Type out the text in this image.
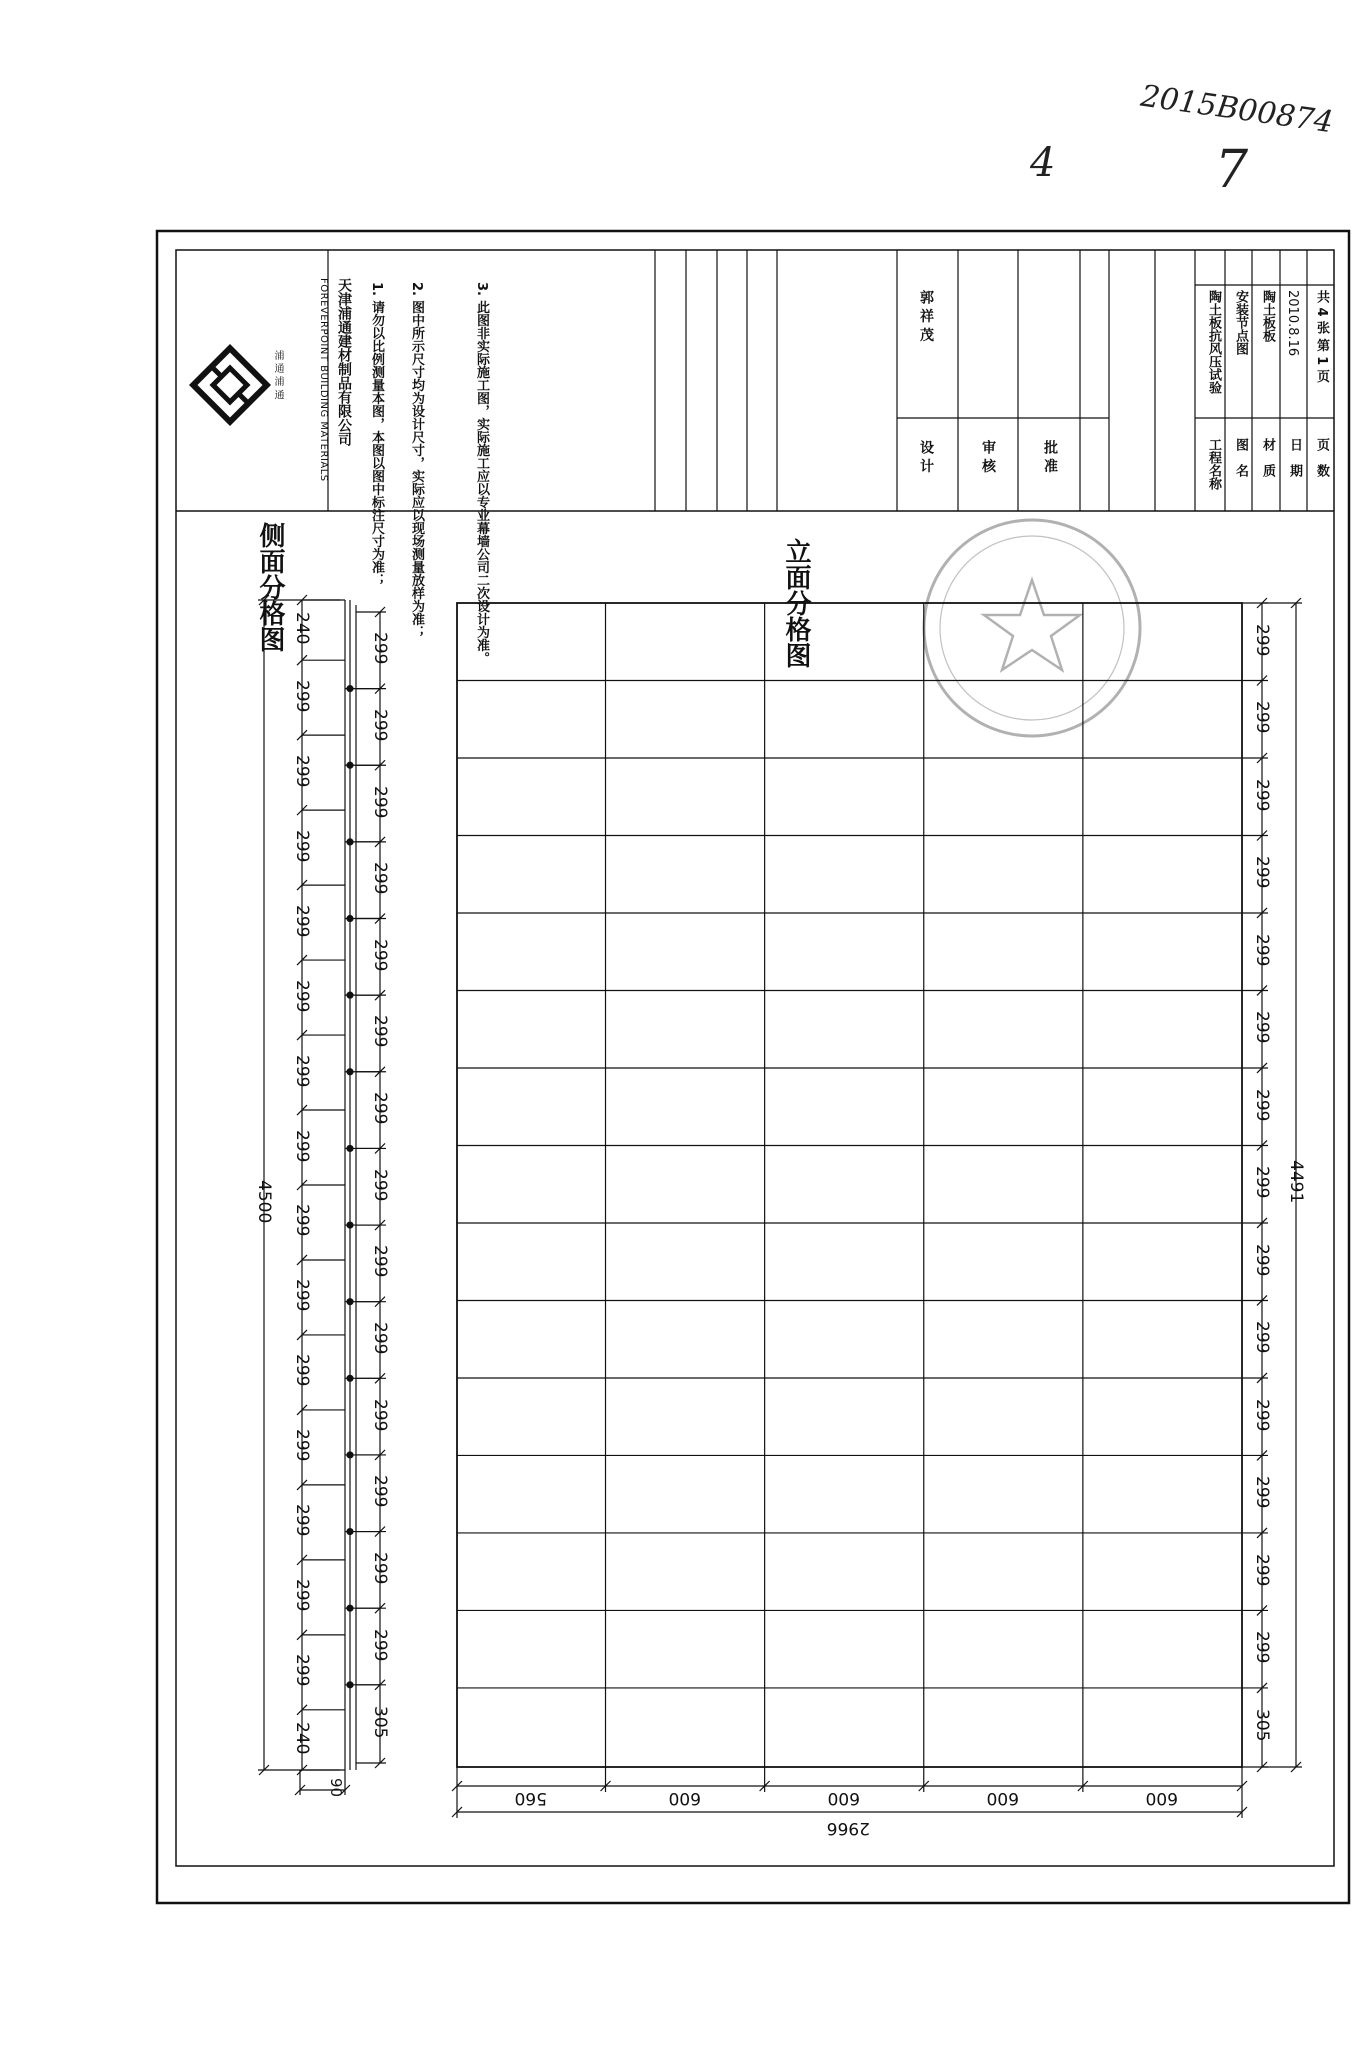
2015B00874
4	7
FOREVERPOINT BUILDING MATERIALS 天津浦通建材制品有限公司
浦 通 浦 通	1. 请勿以比例测量本图，本图以图中标注尺寸为准； 2. 图中所示尺寸均为设计尺寸，实际应以现场测量放样为准；	3. 此图非实际施工图，实际施工应以专业幕墙公司二次设计为准。	设 计
郭 祥 茂
审 核	批 准	工程名称
陶土板抗风压试验
图　名
安装节点图
材　质
陶土板板
日　期
2010.8.16
页　数
共 4 张 第 1 页
侧面分格图	立面分格图
4500
240
299
299
299
299
299
299
299
299
299
299
299
299
299
299
240
299
299
299
299
299
299
299
299
299
299
299
299
299
299
305
90
299
299
299
299
299
299
299
299
299
299
299
299
299
299
305
4491
560	600	600	600	600
2966
